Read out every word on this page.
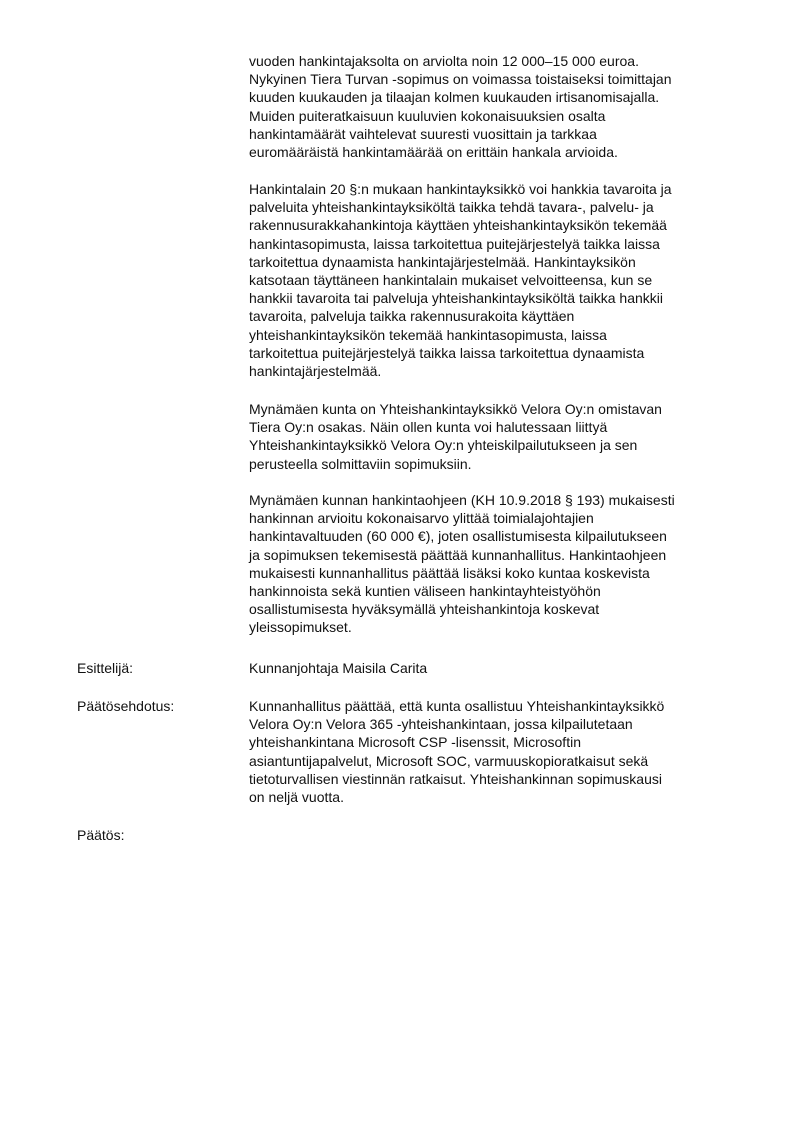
vuoden hankintajaksolta on arviolta noin 12 000–15 000 euroa.
Nykyinen Tiera Turvan -sopimus on voimassa toistaiseksi toimittajan
kuuden kuukauden ja tilaajan kolmen kuukauden irtisanomisajalla.
Muiden puiteratkaisuun kuuluvien kokonaisuuksien osalta
hankintamäärät vaihtelevat suuresti vuosittain ja tarkkaa
euromääräistä hankintamäärää on erittäin hankala arvioida.
Hankintalain 20 §:n mukaan hankintayksikkö voi hankkia tavaroita ja
palveluita yhteishankintayksiköltä taikka tehdä tavara-, palvelu- ja
rakennusurakkahankintoja käyttäen yhteishankintayksikön tekemää
hankintasopimusta, laissa tarkoitettua puitejärjestelyä taikka laissa
tarkoitettua dynaamista hankintajärjestelmää. Hankintayksikön
katsotaan täyttäneen hankintalain mukaiset velvoitteensa, kun se
hankkii tavaroita tai palveluja yhteishankintayksiköltä taikka hankkii
tavaroita, palveluja taikka rakennusurakoita käyttäen
yhteishankintayksikön tekemää hankintasopimusta, laissa
tarkoitettua puitejärjestelyä taikka laissa tarkoitettua dynaamista
hankintajärjestelmää.
Mynämäen kunta on Yhteishankintayksikkö Velora Oy:n omistavan
Tiera Oy:n osakas. Näin ollen kunta voi halutessaan liittyä
Yhteishankintayksikkö Velora Oy:n yhteiskilpailutukseen ja sen
perusteella solmittaviin sopimuksiin.
Mynämäen kunnan hankintaohjeen (KH 10.9.2018 § 193) mukaisesti
hankinnan arvioitu kokonaisarvo ylittää toimialajohtajien
hankintavaltuuden (60 000 €), joten osallistumisesta kilpailutukseen
ja sopimuksen tekemisestä päättää kunnanhallitus. Hankintaohjeen
mukaisesti kunnanhallitus päättää lisäksi koko kuntaa koskevista
hankinnoista sekä kuntien väliseen hankintayhteistyöhön
osallistumisesta hyväksymällä yhteishankintoja koskevat
yleissopimukset.

Esittelijä:	Kunnanjohtaja Maisila Carita

Päätösehdotus:	Kunnanhallitus päättää, että kunta osallistuu Yhteishankintayksikkö
Velora Oy:n Velora 365 -yhteishankintaan, jossa kilpailutetaan
yhteishankintana Microsoft CSP -lisenssit, Microsoftin
asiantuntijapalvelut, Microsoft SOC, varmuuskopioratkaisut sekä
tietoturvallisen viestinnän ratkaisut. Yhteishankinnan sopimuskausi
on neljä vuotta.

Päätös:
